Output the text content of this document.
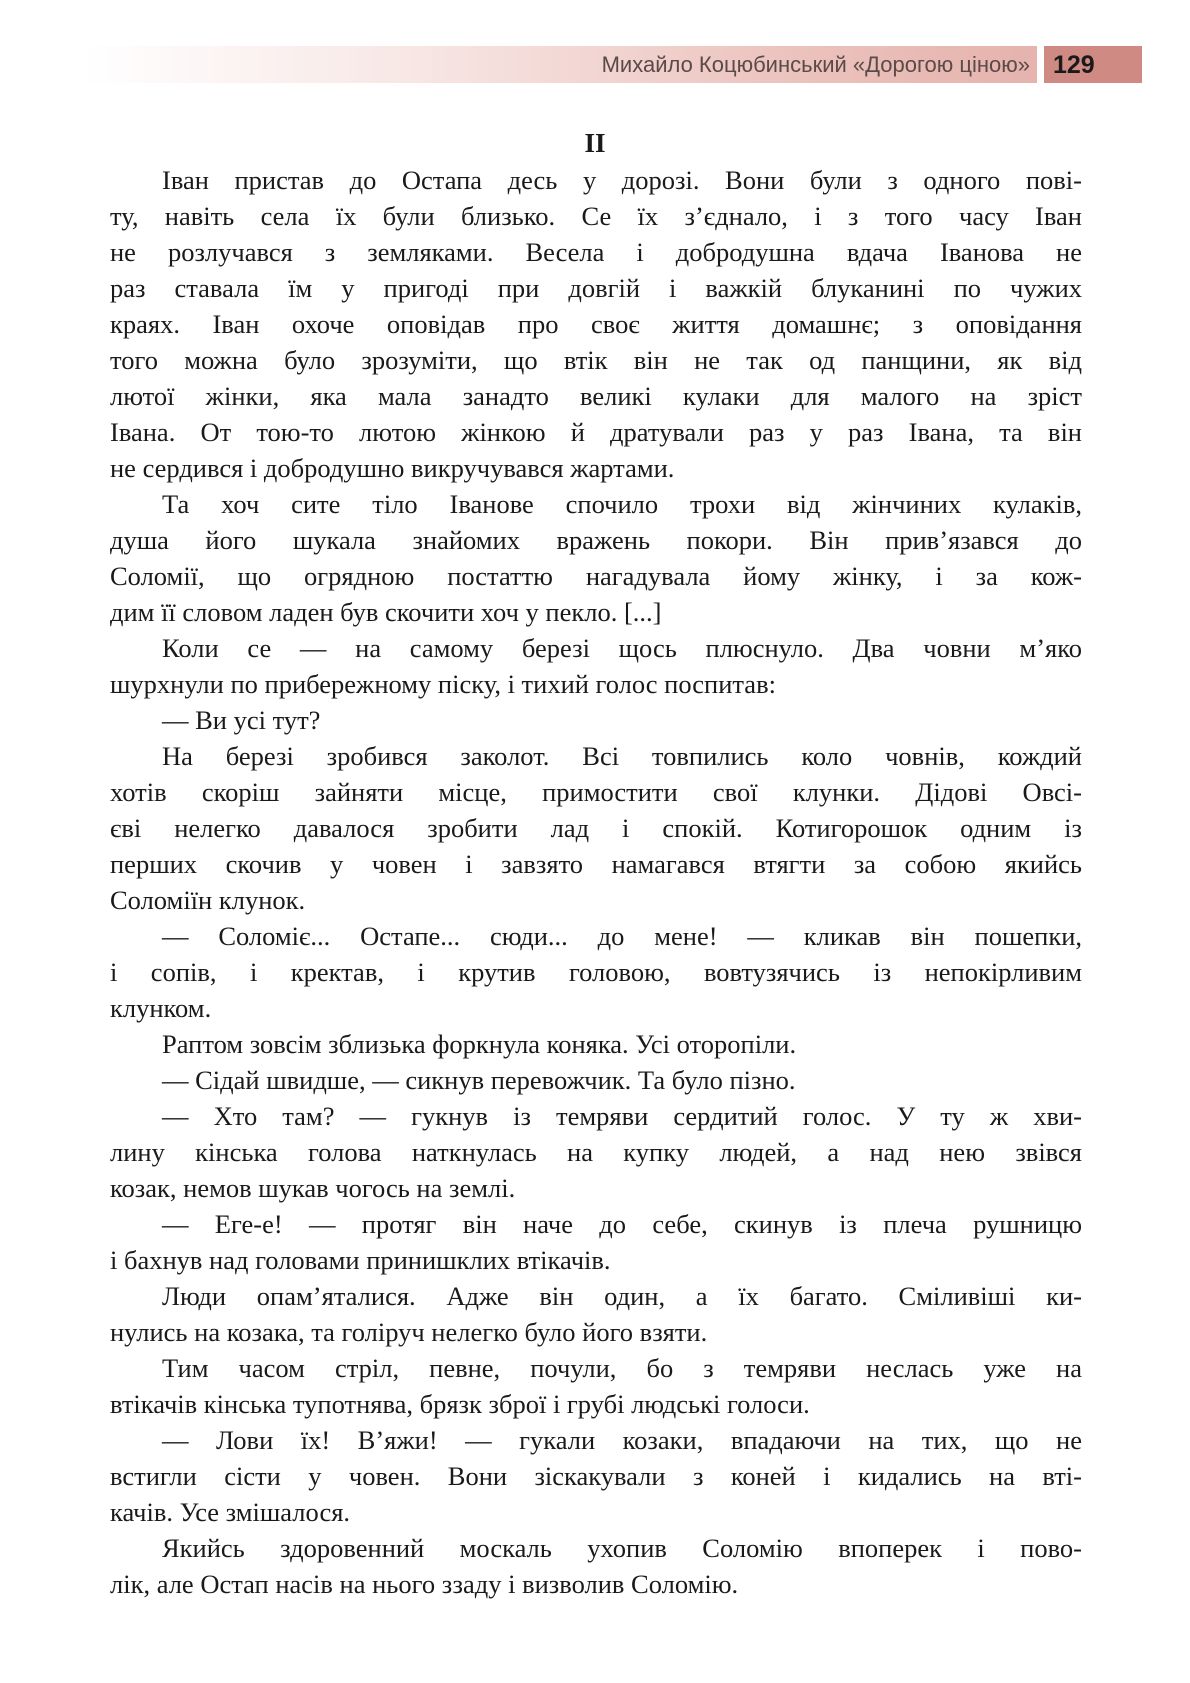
Михайло Коцюбинський «Дорогою ціною» 129
II

Іван пристав до Остапа десь у дорозі. Вони були з одного пові-
ту, навіть села їх були близько. Се їх з’єднало, і з того часу Іван
не розлучався з земляками. Весела і добродушна вдача Іванова не
раз ставала їм у пригоді при довгій і важкій блуканині по чужих
краях. Іван охоче оповідав про своє життя домашнє; з оповідання
того можна було зрозуміти, що втік він не так од панщини, як від
лютої жінки, яка мала занадто великі кулаки для малого на зріст
Івана. От тою-то лютою жінкою й дратували раз у раз Івана, та він
не сердився і добродушно викручувався жартами.

Та хоч сите тіло Іванове спочило трохи від жінчиних кулаків,
душа його шукала знайомих вражень покори. Він прив’язався до
Соломії, що огрядною постаттю нагадувала йому жінку, і за кож-
дим її словом ладен був скочити хоч у пекло. [...]

Коли се — на самому березі щось плюснуло. Два човни м’яко
шурхнули по прибережному піску, і тихий голос поспитав:

— Ви усі тут?

На березі зробився заколот. Всі товпились коло човнів, кождий
хотів скоріш зайняти місце, примостити свої клунки. Дідові Овсі-
єві нелегко давалося зробити лад і спокій. Котигорошок одним із
перших скочив у човен і завзято намагався втягти за собою якийсь
Соломіїн клунок.

— Соломіє... Остапе... сюди... до мене! — кликав він пошепки,
і сопів, і кректав, і крутив головою, вовтузячись із непокірливим
клунком.

Раптом зовсім зблизька форкнула коняка. Усі оторопіли.

— Сідай швидше, — сикнув перевожчик. Та було пізно.

— Хто там? — гукнув із темряви сердитий голос. У ту ж хви-
лину кінська голова наткнулась на купку людей, а над нею звівся
козак, немов шукав чогось на землі.

— Еге-е! — протяг він наче до себе, скинув із плеча рушницю
і бахнув над головами принишклих втікачів.

Люди опам’яталися. Адже він один, а їх багато. Сміливіші ки-
нулись на козака, та голіруч нелегко було його взяти.

Тим часом стріл, певне, почули, бо з темряви неслась уже на
втікачів кінська тупотнява, брязк зброї і грубі людські голоси.

— Лови їх! В’яжи! — гукали козаки, впадаючи на тих, що не
встигли сісти у човен. Вони зіскакували з коней і кидались на вті-
качів. Усе змішалося.

Якийсь здоровенний москаль ухопив Соломію впоперек і пово-
лік, але Остап насів на нього ззаду і визволив Соломію.
